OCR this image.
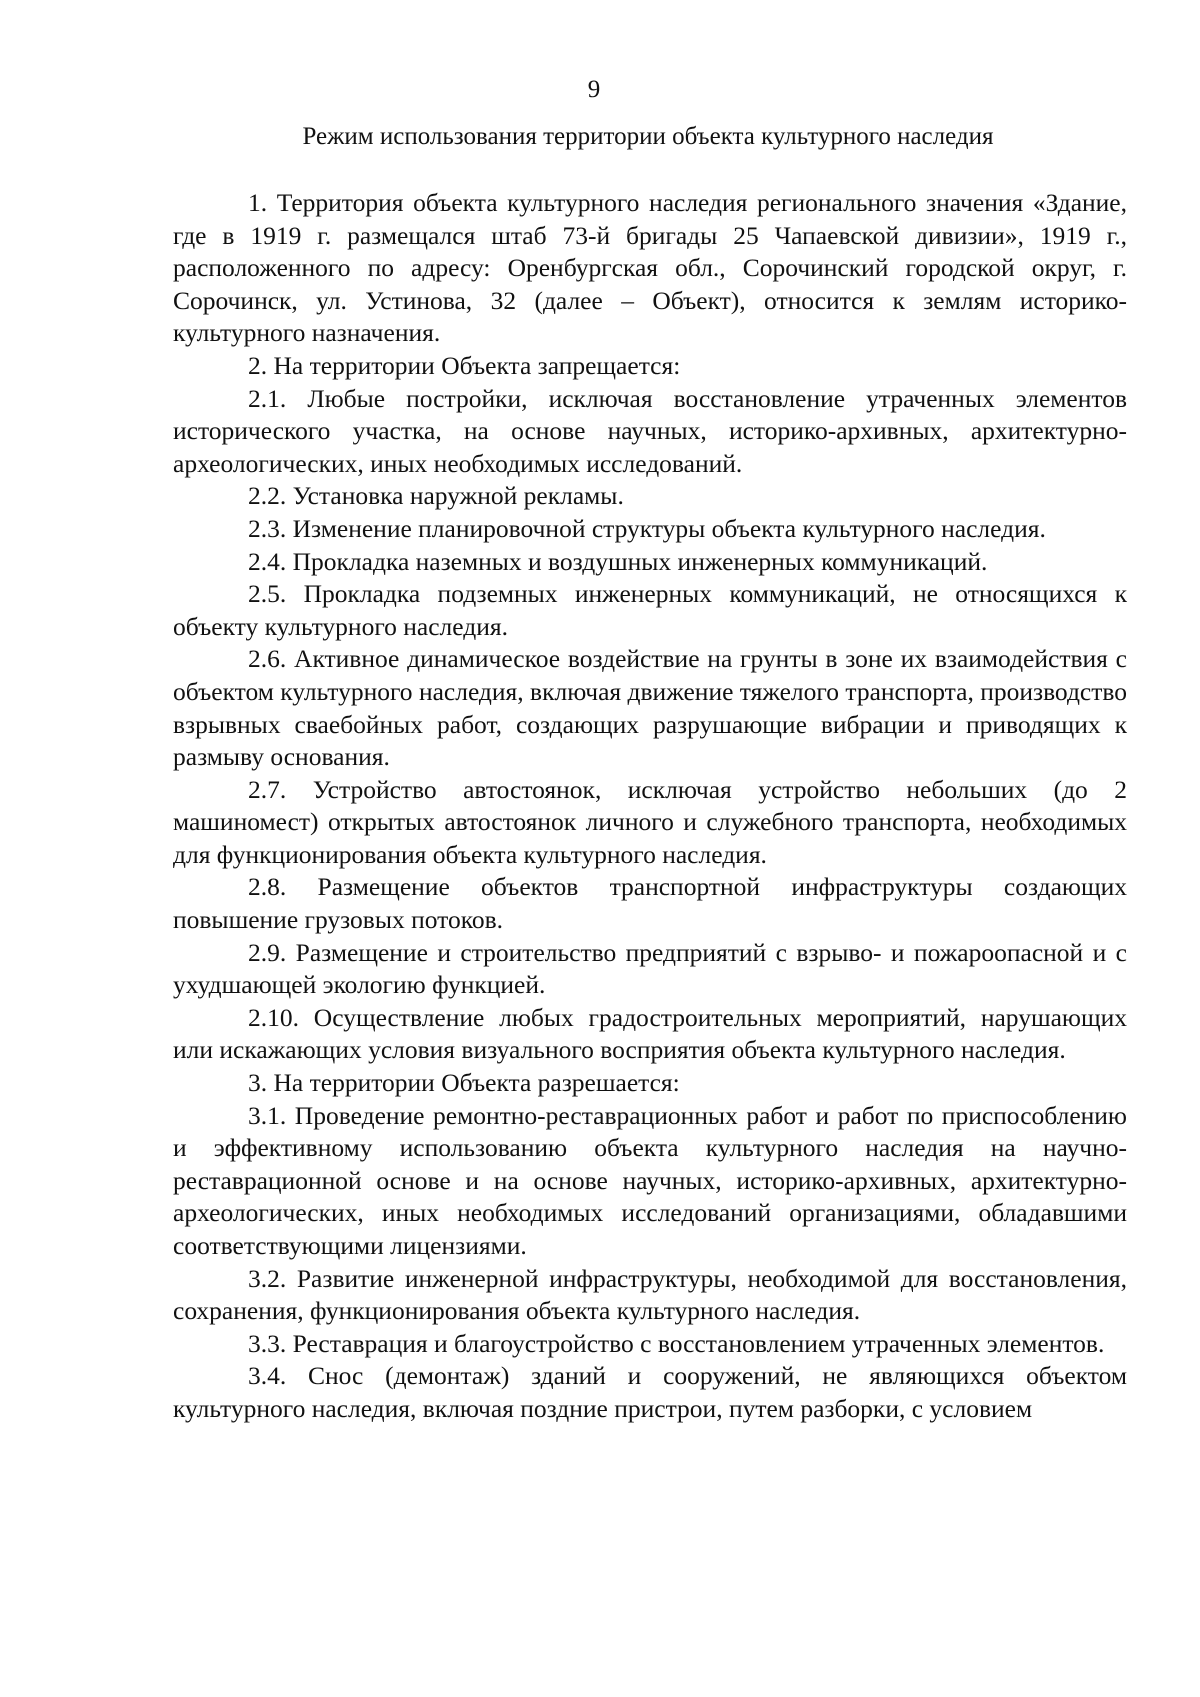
9
Режим использования территории объекта культурного наследия

1. Территория объекта культурного наследия регионального значения «Здание, где в 1919 г. размещался штаб 73-й бригады 25 Чапаевской дивизии», 1919 г., расположенного по адресу: Оренбургская обл., Сорочинский городской округ, г. Сорочинск, ул. Устинова, 32 (далее – Объект), относится к землям историко-культурного назначения.

2. На территории Объекта запрещается:

2.1. Любые постройки, исключая восстановление утраченных элементов исторического участка, на основе научных, историко-архивных, архитектурно-археологических, иных необходимых исследований.

2.2. Установка наружной рекламы.

2.3. Изменение планировочной структуры объекта культурного наследия.

2.4. Прокладка наземных и воздушных инженерных коммуникаций.

2.5. Прокладка подземных инженерных коммуникаций, не относящихся к объекту культурного наследия.

2.6. Активное динамическое воздействие на грунты в зоне их взаимодействия с объектом культурного наследия, включая движение тяжелого транспорта, производство взрывных сваебойных работ, создающих разрушающие вибрации и приводящих к размыву основания.

2.7. Устройство автостоянок, исключая устройство небольших (до 2 машиномест) открытых автостоянок личного и служебного транспорта, необходимых для функционирования объекта культурного наследия.

2.8. Размещение объектов транспортной инфраструктуры создающих повышение грузовых потоков.

2.9. Размещение и строительство предприятий с взрыво- и пожароопасной и с ухудшающей экологию функцией.

2.10. Осуществление любых градостроительных мероприятий, нарушающих или искажающих условия визуального восприятия объекта культурного наследия.

3. На территории Объекта разрешается:

3.1. Проведение ремонтно-реставрационных работ и работ по приспособлению и эффективному использованию объекта культурного наследия на научно-реставрационной основе и на основе научных, историко-архивных, архитектурно-археологических, иных необходимых исследований организациями, обладавшими соответствующими лицензиями.

3.2. Развитие инженерной инфраструктуры, необходимой для восстановления, сохранения, функционирования объекта культурного наследия.

3.3. Реставрация и благоустройство с восстановлением утраченных элементов.

3.4. Снос (демонтаж) зданий и сооружений, не являющихся объектом культурного наследия, включая поздние пристрои, путем разборки, с условием
